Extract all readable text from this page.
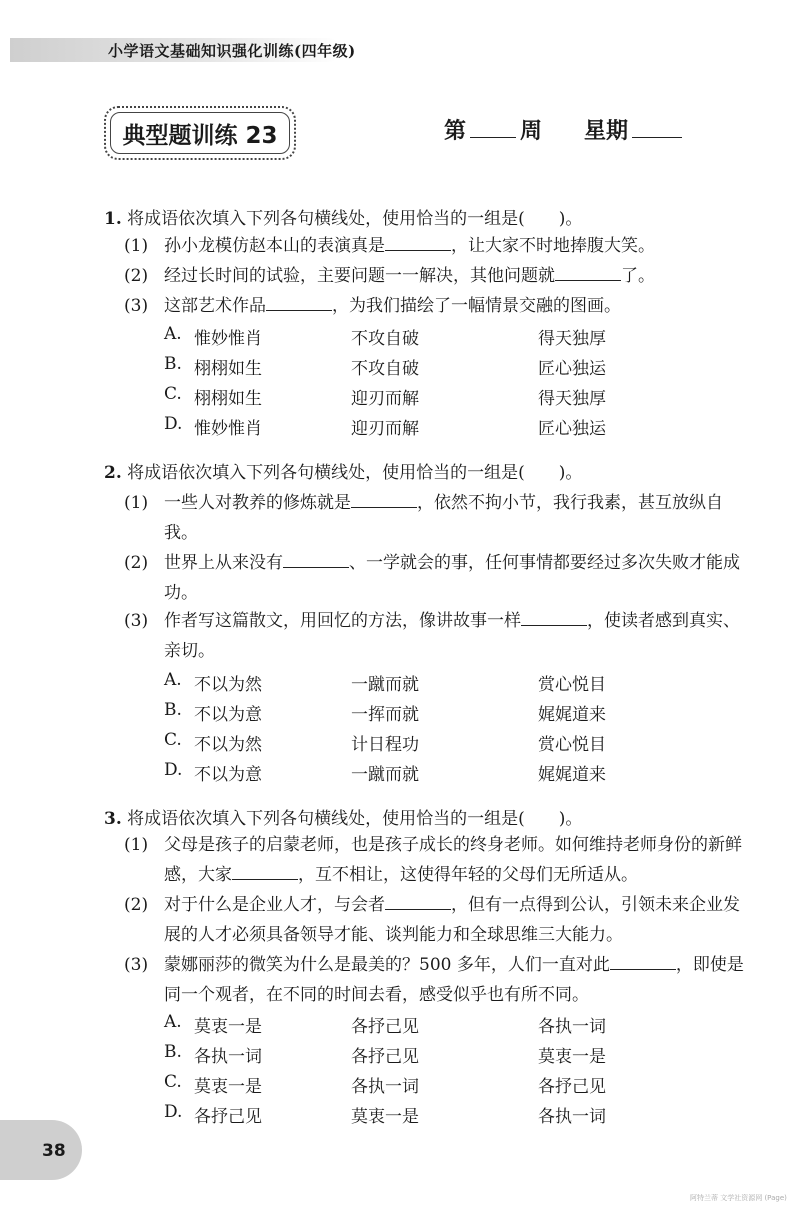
小学语文基础知识强化训练(四年级)
典型题训练 23	第 周 星期
1. 将成语依次填入下列各句横线处，使用恰当的一组是(　　)。
(1) 孙小龙模仿赵本山的表演真是	，让大家不时地捧腹大笑。
(2) 经过长时间的试验，主要问题一一解决，其他问题就	了。
(3) 这部艺术作品	，为我们描绘了一幅情景交融的图画。
A. 惟妙惟肖	不攻自破	得天独厚
B. 栩栩如生	不攻自破	匠心独运
C. 栩栩如生	迎刃而解	得天独厚
D. 惟妙惟肖	迎刃而解	匠心独运
2. 将成语依次填入下列各句横线处，使用恰当的一组是(　　)。
(1) 一些人对教养的修炼就是	，依然不拘小节，我行我素，甚互放纵自我。
(2) 世界上从来没有	、一学就会的事，任何事情都要经过多次失败才能成功。
(3) 作者写这篇散文，用回忆的方法，像讲故事一样	，使读者感到真实、亲切。
A. 不以为然	一蹴而就	赏心悦目
B. 不以为意	一挥而就	娓娓道来
C. 不以为然	计日程功	赏心悦目
D. 不以为意	一蹴而就	娓娓道来
3. 将成语依次填入下列各句横线处，使用恰当的一组是(　　)。
(1) 父母是孩子的启蒙老师，也是孩子成长的终身老师。如何维持老师身份的新鲜感，大家	，互不相让，这使得年轻的父母们无所适从。
(2) 对于什么是企业人才，与会者	，但有一点得到公认，引领未来企业发展的人才必须具备领导才能、谈判能力和全球思维三大能力。
(3) 蒙娜丽莎的微笑为什么是最美的？500 多年，人们一直对此	，即使是同一个观者，在不同的时间去看，感受似乎也有所不同。
A. 莫衷一是	各抒己见	各执一词
B. 各执一词	各抒己见	莫衷一是
C. 莫衷一是	各执一词	各抒己见
D. 各抒己见	莫衷一是	各执一词
38
阿特兰蒂 文学社资源网 (Page)
